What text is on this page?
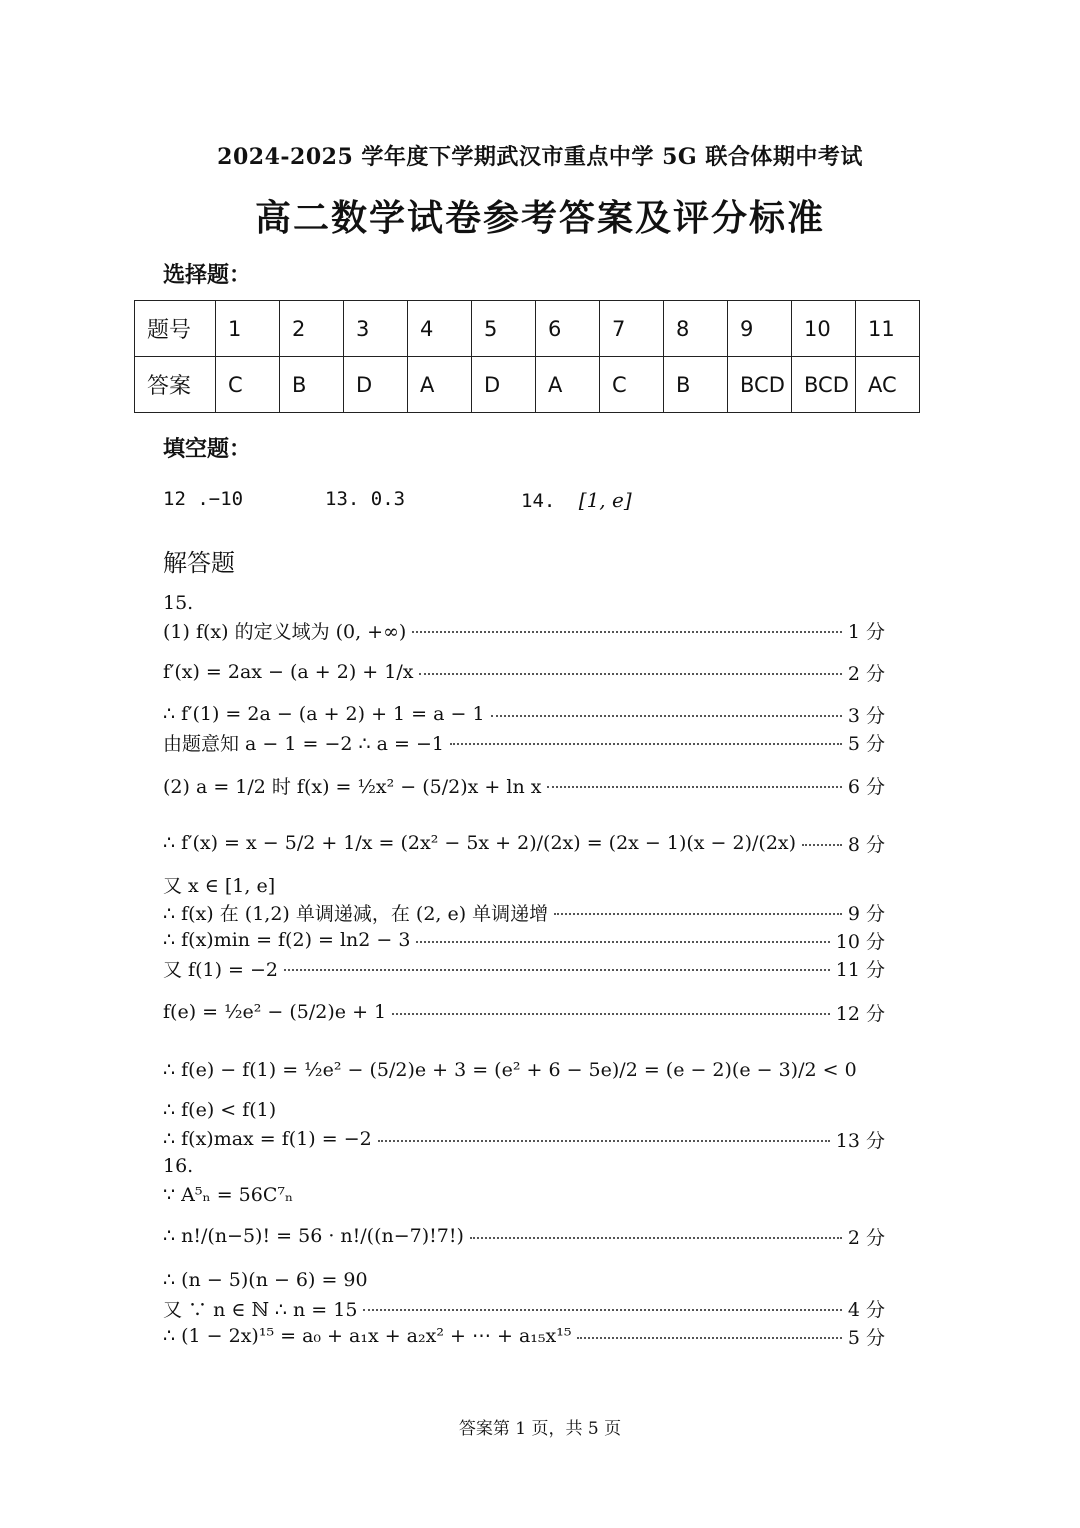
2024-2025 学年度下学期武汉市重点中学 5G 联合体期中考试
高二数学试卷参考答案及评分标准
选择题：
题号	1	2	3	4	5	6	7	8	9	10	11
答案	C	B	D	A	D	A	C	B	BCD	BCD	AC
填空题：
12 .−10	13. 0.3	14. [1, e]
解答题
15.
(1) f(x) 的定义域为 (0, +∞)	1 分
f′(x) = 2ax − (a + 2) + 1/x	2 分
∴ f′(1) = 2a − (a + 2) + 1 = a − 1	3 分
由题意知 a − 1 = −2 ∴ a = −1	5 分
(2) a = 1/2 时 f(x) = ½x² − (5/2)x + ln x	6 分
∴ f′(x) = x − 5/2 + 1/x = (2x² − 5x + 2)/(2x) = (2x − 1)(x − 2)/(2x)	8 分
又 x ∈ [1, e]
∴ f(x) 在 (1,2) 单调递减，在 (2, e) 单调递增	9 分
∴ f(x)min = f(2) = ln2 − 3	10 分
又 f(1) = −2	11 分
f(e) = ½e² − (5/2)e + 1	12 分
∴ f(e) − f(1) = ½e² − (5/2)e + 3 = (e² + 6 − 5e)/2 = (e − 2)(e − 3)/2 < 0
∴ f(e) < f(1)
∴ f(x)max = f(1) = −2	13 分
16.
∵ A⁵ₙ = 56C⁷ₙ
∴ n!/(n−5)! = 56 · n!/((n−7)!7!)	2 分
∴ (n − 5)(n − 6) = 90
又 ∵ n ∈ ℕ ∴ n = 15	4 分
∴ (1 − 2x)¹⁵ = a₀ + a₁x + a₂x² + ⋯ + a₁₅x¹⁵	5 分
答案第 1 页，共 5 页
